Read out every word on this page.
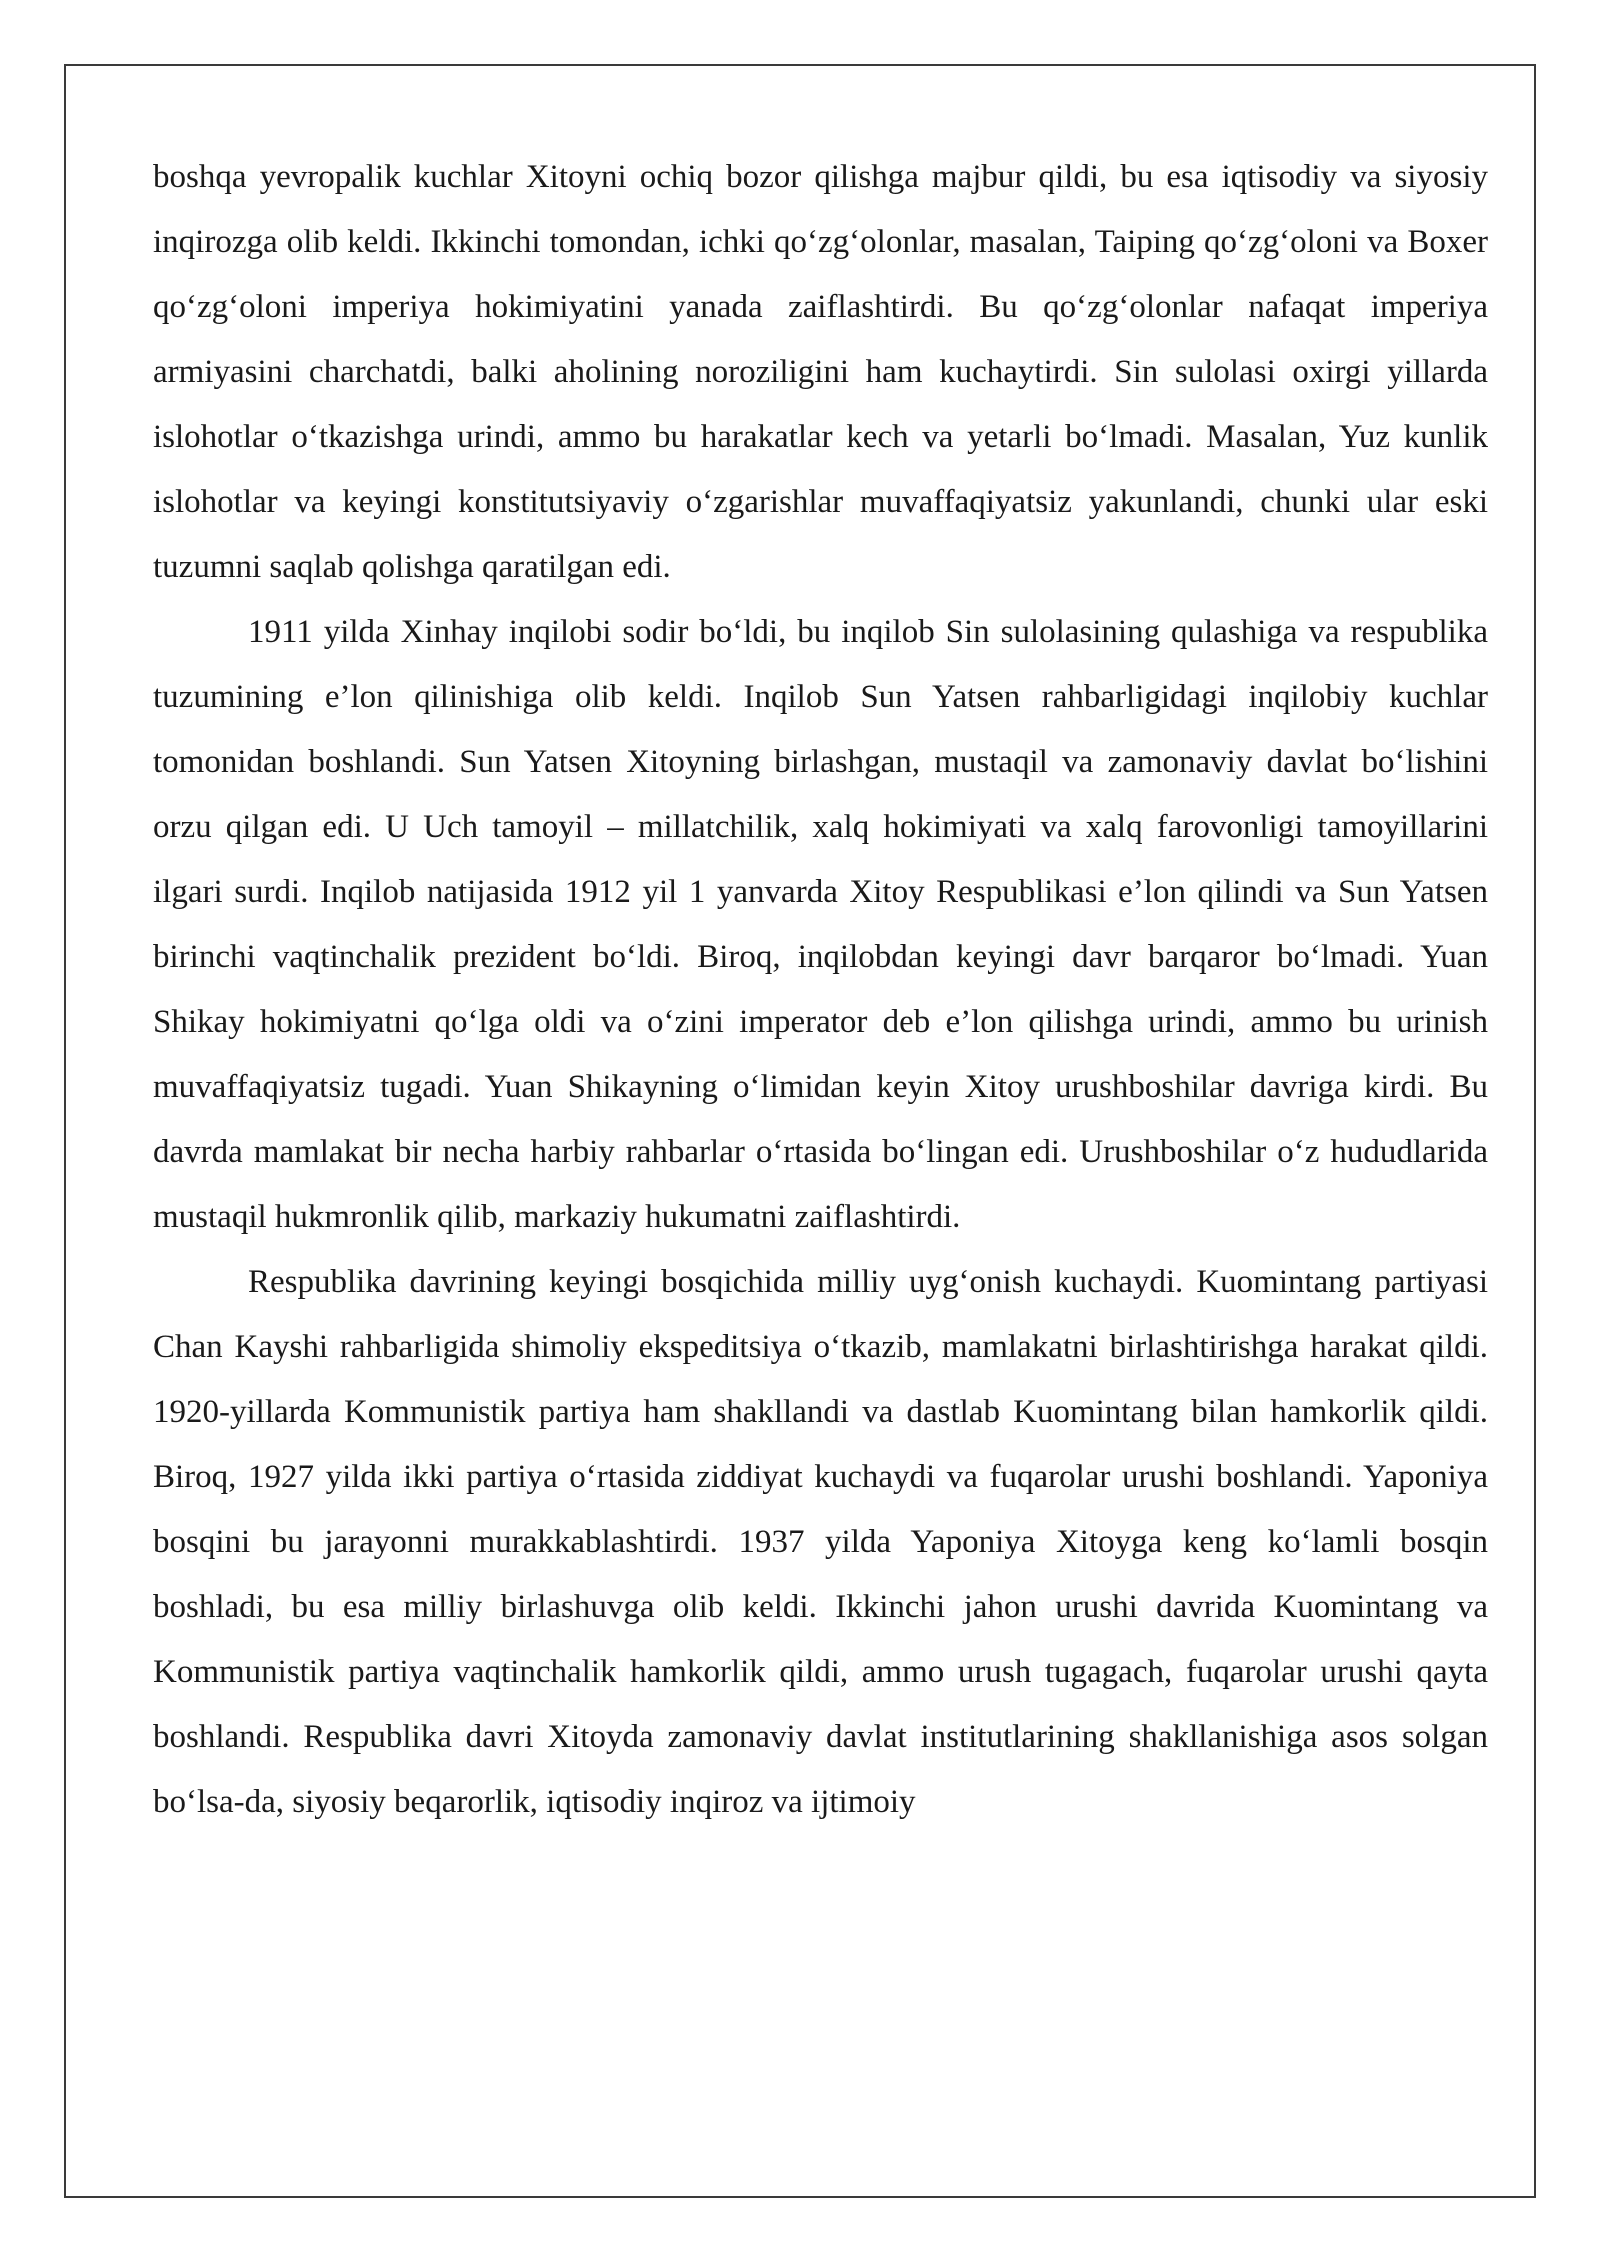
boshqa yevropalik kuchlar Xitoyni ochiq bozor qilishga majbur qildi, bu esa iqtisodiy va siyosiy inqirozga olib keldi. Ikkinchi tomondan, ichki qo‘zg‘olonlar, masalan, Taiping qo‘zg‘oloni va Boxer qo‘zg‘oloni imperiya hokimiyatini yanada zaiflashtirdi. Bu qo‘zg‘olonlar nafaqat imperiya armiyasini charchatdi, balki aholining noroziligini ham kuchaytirdi. Sin sulolasi oxirgi yillarda islohotlar o‘tkazishga urindi, ammo bu harakatlar kech va yetarli bo‘lmadi. Masalan, Yuz kunlik islohotlar va keyingi konstitutsiyaviy o‘zgarishlar muvaffaqiyatsiz yakunlandi, chunki ular eski tuzumni saqlab qolishga qaratilgan edi.

1911 yilda Xinhay inqilobi sodir bo‘ldi, bu inqilob Sin sulolasining qulashiga va respublika tuzumining e’lon qilinishiga olib keldi. Inqilob Sun Yatsen rahbarligidagi inqilobiy kuchlar tomonidan boshlandi. Sun Yatsen Xitoyning birlashgan, mustaqil va zamonaviy davlat bo‘lishini orzu qilgan edi. U Uch tamoyil – millatchilik, xalq hokimiyati va xalq farovonligi tamoyillarini ilgari surdi. Inqilob natijasida 1912 yil 1 yanvarda Xitoy Respublikasi e’lon qilindi va Sun Yatsen birinchi vaqtinchalik prezident bo‘ldi. Biroq, inqilobdan keyingi davr barqaror bo‘lmadi. Yuan Shikay hokimiyatni qo‘lga oldi va o‘zini imperator deb e’lon qilishga urindi, ammo bu urinish muvaffaqiyatsiz tugadi. Yuan Shikayning o‘limidan keyin Xitoy urushboshilar davriga kirdi. Bu davrda mamlakat bir necha harbiy rahbarlar o‘rtasida bo‘lingan edi. Urushboshilar o‘z hududlarida mustaqil hukmronlik qilib, markaziy hukumatni zaiflashtirdi.

Respublika davrining keyingi bosqichida milliy uyg‘onish kuchaydi. Kuomintang partiyasi Chan Kayshi rahbarligida shimoliy ekspeditsiya o‘tkazib, mamlakatni birlashtirishga harakat qildi. 1920-yillarda Kommunistik partiya ham shakllandi va dastlab Kuomintang bilan hamkorlik qildi. Biroq, 1927 yilda ikki partiya o‘rtasida ziddiyat kuchaydi va fuqarolar urushi boshlandi. Yaponiya bosqini bu jarayonni murakkablashtirdi. 1937 yilda Yaponiya Xitoyga keng ko‘lamli bosqin boshladi, bu esa milliy birlashuvga olib keldi. Ikkinchi jahon urushi davrida Kuomintang va Kommunistik partiya vaqtinchalik hamkorlik qildi, ammo urush tugagach, fuqarolar urushi qayta boshlandi. Respublika davri Xitoyda zamonaviy davlat institutlarining shakllanishiga asos solgan bo‘lsa-da, siyosiy beqarorlik, iqtisodiy inqiroz va ijtimoiy
